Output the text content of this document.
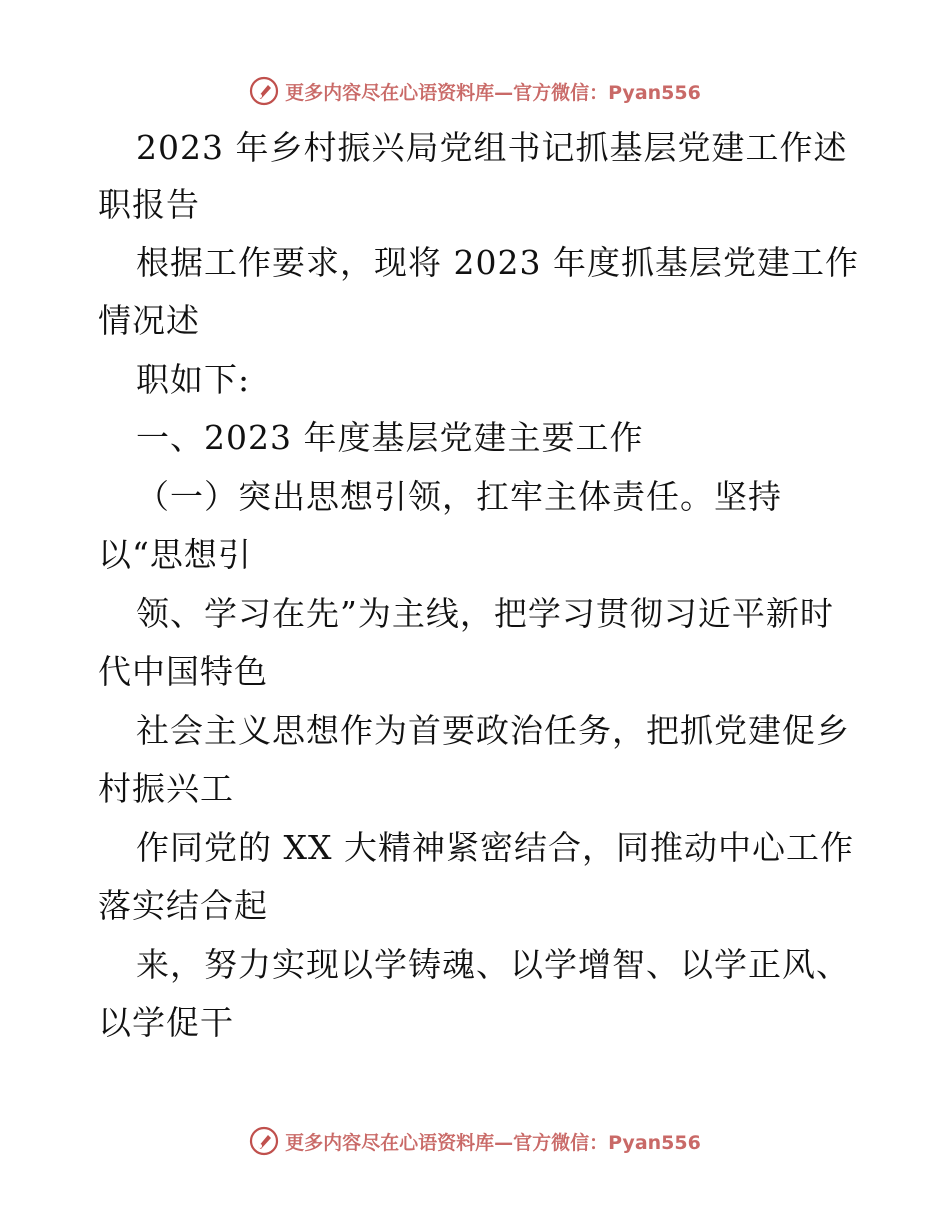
更多内容尽在心语资料库—官方微信：Pyan556
2023 年乡村振兴局党组书记抓基层党建工作述
职报告
根据工作要求，现将 2023 年度抓基层党建工作
情况述
职如下:
一、2023 年度基层党建主要工作
（一）突出思想引领，扛牢主体责任。坚持
以“思想引
领、学习在先”为主线，把学习贯彻习近平新时
代中国特色
社会主义思想作为首要政治任务，把抓党建促乡
村振兴工
作同党的 XX 大精神紧密结合，同推动中心工作
落实结合起
来，努力实现以学铸魂、以学增智、以学正风、
以学促干
更多内容尽在心语资料库—官方微信：Pyan556
